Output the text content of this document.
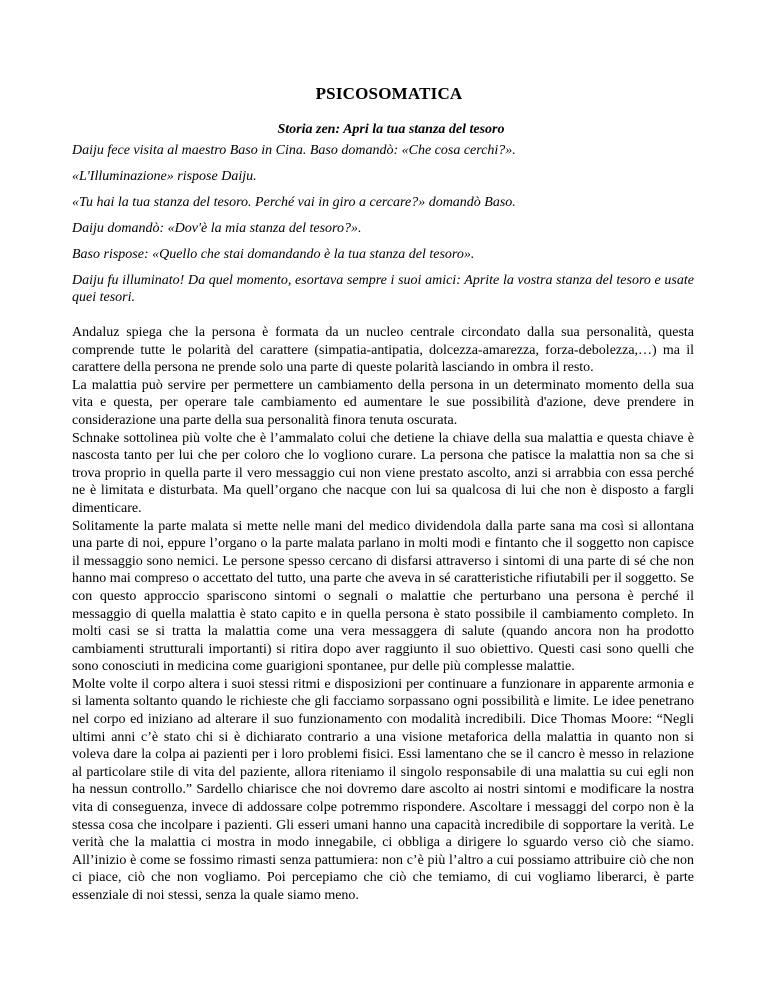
PSICOSOMATICA
Storia zen: Apri la tua stanza del tesoro

Daiju fece visita al maestro Baso in Cina. Baso domandò: «Che cosa cerchi?».

«L'Illuminazione» rispose Daiju.

«Tu hai la tua stanza del tesoro. Perché vai in giro a cercare?» domandò Baso.

Daiju domandò: «Dov'è la mia stanza del tesoro?».

Baso rispose: «Quello che stai domandando è la tua stanza del tesoro».

Daiju fu illuminato! Da quel momento, esortava sempre i suoi amici: Aprite la vostra stanza del tesoro e usate quei tesori.

Andaluz spiega che la persona è formata da un nucleo centrale circondato dalla sua personalità, questa comprende tutte le polarità del carattere (simpatia-antipatia, dolcezza-amarezza, forza-debolezza,…) ma il carattere della persona ne prende solo una parte di queste polarità lasciando in ombra il resto.

La malattia può servire per permettere un cambiamento della persona in un determinato momento della sua vita e questa, per operare tale cambiamento ed aumentare le sue possibilità d'azione, deve prendere in considerazione una parte della sua personalità finora tenuta oscurata.

Schnake sottolinea più volte che è l’ammalato colui che detiene la chiave della sua malattia e questa chiave è nascosta tanto per lui che per coloro che lo vogliono curare. La persona che patisce la malattia non sa che si trova proprio in quella parte il vero messaggio cui non viene prestato ascolto, anzi si arrabbia con essa perché ne è limitata e disturbata. Ma quell’organo che nacque con lui sa qualcosa di lui che non è disposto a fargli dimenticare.

Solitamente la parte malata si mette nelle mani del medico dividendola dalla parte sana ma così si allontana una parte di noi, eppure l’organo o la parte malata parlano in molti modi e fintanto che il soggetto non capisce il messaggio sono nemici. Le persone spesso cercano di disfarsi attraverso i sintomi di una parte di sé che non hanno mai compreso o accettato del tutto, una parte che aveva in sé caratteristiche rifiutabili per il soggetto. Se con questo approccio spariscono sintomi o segnali o malattie che perturbano una persona è perché il messaggio di quella malattia è stato capito e in quella persona è stato possibile il cambiamento completo. In molti casi se si tratta la malattia come una vera messaggera di salute (quando ancora non ha prodotto cambiamenti strutturali importanti) si ritira dopo aver raggiunto il suo obiettivo. Questi casi sono quelli che sono conosciuti in medicina come guarigioni spontanee, pur delle più complesse malattie.

Molte volte il corpo altera i suoi stessi ritmi e disposizioni per continuare a funzionare in apparente armonia e si lamenta soltanto quando le richieste che gli facciamo sorpassano ogni possibilità e limite. Le idee penetrano nel corpo ed iniziano ad alterare il suo funzionamento con modalità incredibili. Dice Thomas Moore: “Negli ultimi anni c’è stato chi si è dichiarato contrario a una visione metaforica della malattia in quanto non si voleva dare la colpa ai pazienti per i loro problemi fisici. Essi lamentano che se il cancro è messo in relazione al particolare stile di vita del paziente, allora riteniamo il singolo responsabile di una malattia su cui egli non ha nessun controllo.” Sardello chiarisce che noi dovremo dare ascolto ai nostri sintomi e modificare la nostra vita di conseguenza, invece di addossare colpe potremmo rispondere. Ascoltare i messaggi del corpo non è la stessa cosa che incolpare i pazienti. Gli esseri umani hanno una capacità incredibile di sopportare la verità. Le verità che la malattia ci mostra in modo innegabile, ci obbliga a dirigere lo sguardo verso ciò che siamo. All’inizio è come se fossimo rimasti senza pattumiera: non c’è più l’altro a cui possiamo attribuire ciò che non ci piace, ciò che non vogliamo. Poi percepiamo che ciò che temiamo, di cui vogliamo liberarci, è parte essenziale di noi stessi, senza la quale siamo meno.
